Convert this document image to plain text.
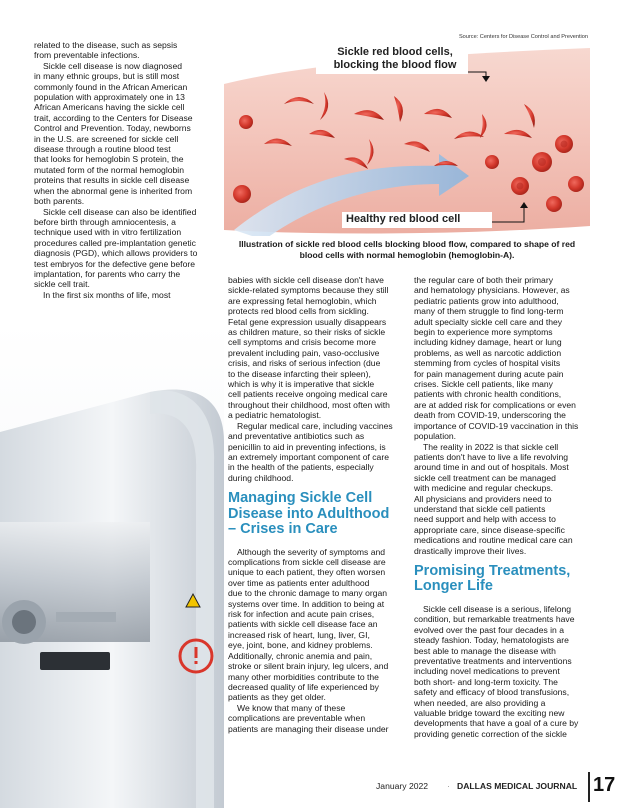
Source: Centers for Disease Control and Prevention
Sickle red blood cells,
blocking the blood flow
Healthy red blood cell
Illustration of sickle red blood cells blocking blood flow, compared to shape of red
blood cells with normal hemoglobin (hemoglobin-A).

related to the disease, such as sepsis
from preventable infections.

Sickle cell disease is now diagnosed
in many ethnic groups, but is still most
commonly found in the African American
population with approximately one in 13
African Americans having the sickle cell
trait, according to the Centers for Disease
Control and Prevention. Today, newborns
in the U.S. are screened for sickle cell
disease through a routine blood test
that looks for hemoglobin S protein, the
mutated form of the normal hemoglobin
proteins that results in sickle cell disease
when the abnormal gene is inherited from
both parents.

Sickle cell disease can also be identified
before birth through amniocentesis, a
technique used with in vitro fertilization
procedures called pre-implantation genetic
diagnosis (PGD), which allows providers to
test embryos for the defective gene before
implantation, for parents who carry the
sickle cell trait.

In the first six months of life, most

babies with sickle cell disease don't have
sickle-related symptoms because they still
are expressing fetal hemoglobin, which
protects red blood cells from sickling.
Fetal gene expression usually disappears
as children mature, so their risks of sickle
cell symptoms and crisis become more
prevalent including pain, vaso-occlusive
crisis, and risks of serious infection (due
to the disease infarcting their spleen),
which is why it is imperative that sickle
cell patients receive ongoing medical care
throughout their childhood, most often with
a pediatric hematologist.

Regular medical care, including vaccines
and preventative antibiotics such as
penicillin to aid in preventing infections, is
an extremely important component of care
in the health of the patients, especially
during childhood.

Managing Sickle Cell
Disease into Adulthood
– Crises in Care

Although the severity of symptoms and
complications from sickle cell disease are
unique to each patient, they often worsen
over time as patients enter adulthood
due to the chronic damage to many organ
systems over time. In addition to being at
risk for infection and acute pain crises,
patients with sickle cell disease face an
increased risk of heart, lung, liver, GI,
eye, joint, bone, and kidney problems.
Additionally, chronic anemia and pain,
stroke or silent brain injury, leg ulcers, and
many other morbidities contribute to the
decreased quality of life experienced by
patients as they get older.

We know that many of these
complications are preventable when
patients are managing their disease under

the regular care of both their primary
and hematology physicians. However, as
pediatric patients grow into adulthood,
many of them struggle to find long-term
adult specialty sickle cell care and they
begin to experience more symptoms
including kidney damage, heart or lung
problems, as well as narcotic addiction
stemming from cycles of hospital visits
for pain management during acute pain
crises. Sickle cell patients, like many
patients with chronic health conditions,
are at added risk for complications or even
death from COVID-19, underscoring the
importance of COVID-19 vaccination in this
population.

The reality in 2022 is that sickle cell
patients don't have to live a life revolving
around time in and out of hospitals. Most
sickle cell treatment can be managed
with medicine and regular checkups.
All physicians and providers need to
understand that sickle cell patients
need support and help with access to
appropriate care, since disease-specific
medications and routine medical care can
drastically improve their lives.

Promising Treatments,
Longer Life

Sickle cell disease is a serious, lifelong
condition, but remarkable treatments have
evolved over the past four decades in a
steady fashion. Today, hematologists are
best able to manage the disease with
preventative treatments and interventions
including novel medications to prevent
both short- and long-term toxicity. The
safety and efficacy of blood transfusions,
when needed, are also providing a
valuable bridge toward the exciting new
developments that have a goal of a cure by
providing genetic correction of the sickle

January 2022 · DALLAS MEDICAL JOURNAL 17
